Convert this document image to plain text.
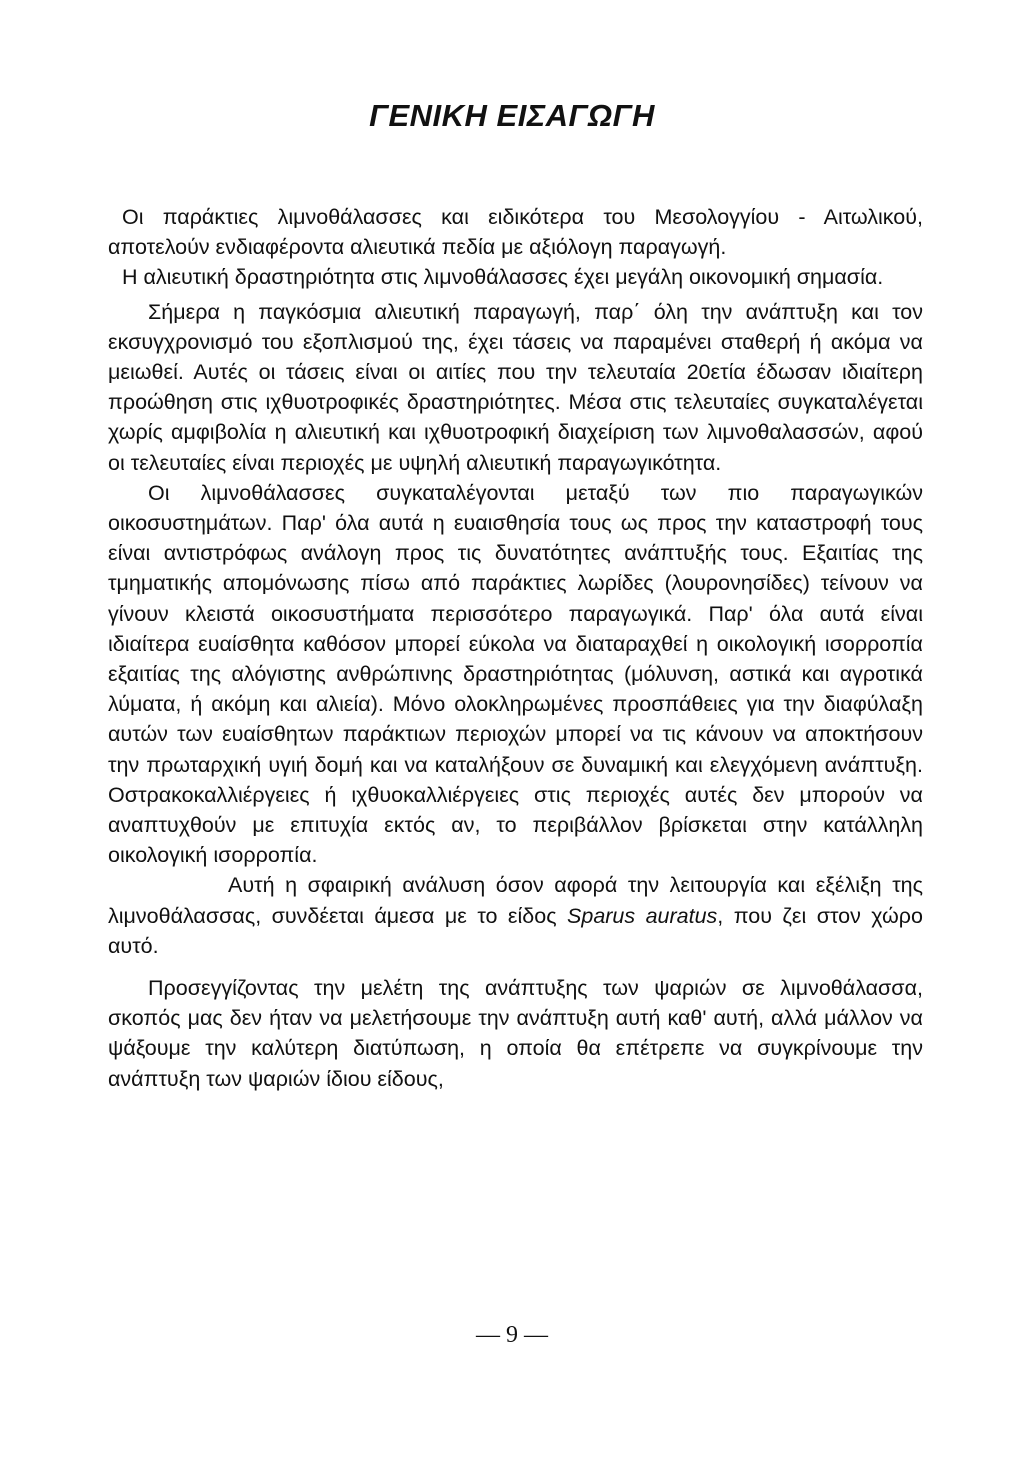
ΓΕΝΙΚΗ ΕΙΣΑΓΩΓΗ

Οι παράκτιες λιμνοθάλασσες και ειδικότερα του Μεσολογγίου - Αιτωλικού, αποτελούν ενδιαφέροντα αλιευτικά πεδία με αξιόλογη παραγωγή.

Η αλιευτική δραστηριότητα στις λιμνοθάλασσες έχει μεγάλη οικονομική σημασία.

Σήμερα η παγκόσμια αλιευτική παραγωγή, παρ΄ όλη την ανάπτυξη και τον εκσυγχρονισμό του εξοπλισμού της, έχει τάσεις να παραμένει σταθερή ή ακόμα να μειωθεί. Αυτές οι τάσεις είναι οι αιτίες που την τελευταία 20ετία έδωσαν ιδιαίτερη προώθηση στις ιχθυοτροφικές δραστηριότητες. Μέσα στις τελευταίες συγκαταλέγεται χωρίς αμφιβολία η αλιευτική και ιχθυοτροφική διαχείριση των λιμνοθαλασσών, αφού οι τελευταίες είναι περιοχές με υψηλή αλιευτική παραγωγικότητα.

Οι λιμνοθάλασσες συγκαταλέγονται μεταξύ των πιο παραγωγικών οικοσυστημάτων. Παρ' όλα αυτά η ευαισθησία τους ως προς την καταστροφή τους είναι αντιστρόφως ανάλογη προς τις δυνατότητες ανάπτυξής τους. Εξαιτίας της τμηματικής απομόνωσης πίσω από παράκτιες λωρίδες (λουρονησίδες) τείνουν να γίνουν κλειστά οικοσυστήματα περισσότερο παραγωγικά. Παρ' όλα αυτά είναι ιδιαίτερα ευαίσθητα καθόσον μπορεί εύκολα να διαταραχθεί η οικολογική ισορροπία εξαιτίας της αλόγιστης ανθρώπινης δραστηριότητας (μόλυνση, αστικά και αγροτικά λύματα, ή ακόμη και αλιεία). Μόνο ολοκληρωμένες προσπάθειες για την διαφύλαξη αυτών των ευαίσθητων παράκτιων περιοχών μπορεί να τις κάνουν να αποκτήσουν την πρωταρχική υγιή δομή και να καταλήξουν σε δυναμική και ελεγχόμενη ανάπτυξη. Οστρακοκαλλιέργειες ή ιχθυοκαλλιέργειες στις περιοχές αυτές δεν μπορούν να αναπτυχθούν με επιτυχία εκτός αν, το περιβάλλον βρίσκεται στην κατάλληλη οικολογική ισορροπία.

Αυτή η σφαιρική ανάλυση όσον αφορά την λειτουργία και εξέλιξη της λιμνοθάλασσας, συνδέεται άμεσα με το είδος Sparus auratus, που ζει στον χώρο αυτό.

Προσεγγίζοντας την μελέτη της ανάπτυξης των ψαριών σε λιμνοθάλασσα, σκοπός μας δεν ήταν να μελετήσουμε την ανάπτυξη αυτή καθ' αυτή, αλλά μάλλον να ψάξουμε την καλύτερη διατύπωση, η οποία θα επέτρεπε να συγκρίνουμε την ανάπτυξη των ψαριών ίδιου είδους,

— 9 —
